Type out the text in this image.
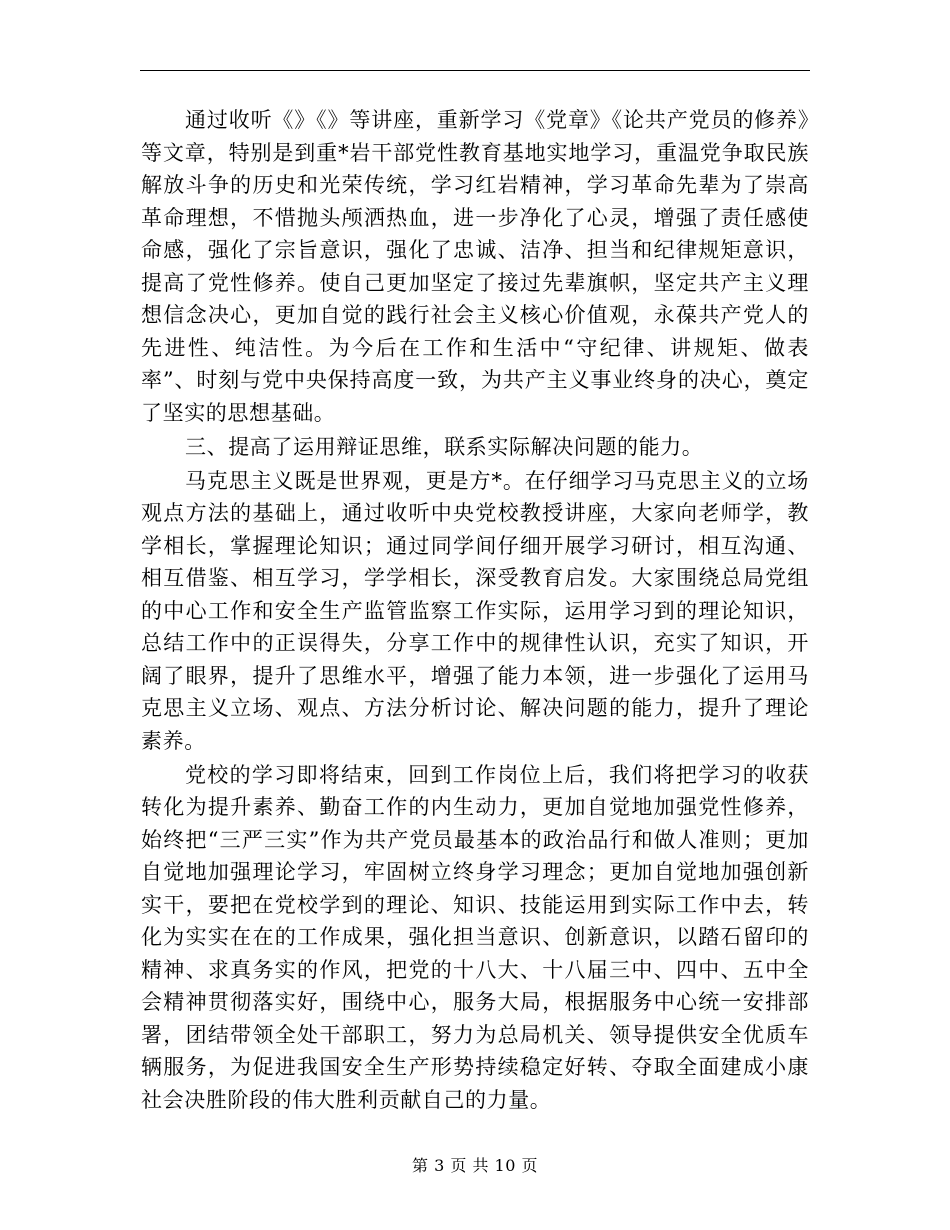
通过收听《》《》等讲座，重新学习《党章》《论共产党员的修养》等文章，特别是到重*岩干部党性教育基地实地学习，重温党争取民族解放斗争的历史和光荣传统，学习红岩精神，学习革命先辈为了崇高革命理想，不惜抛头颅洒热血，进一步净化了心灵，增强了责任感使命感，强化了宗旨意识，强化了忠诚、洁净、担当和纪律规矩意识，提高了党性修养。使自己更加坚定了接过先辈旗帜，坚定共产主义理想信念决心，更加自觉的践行社会主义核心价值观，永葆共产党人的先进性、纯洁性。为今后在工作和生活中“守纪律、讲规矩、做表率”、时刻与党中央保持高度一致，为共产主义事业终身的决心，奠定了坚实的思想基础。

三、提高了运用辩证思维，联系实际解决问题的能力。

马克思主义既是世界观，更是方*。在仔细学习马克思主义的立场观点方法的基础上，通过收听中央党校教授讲座，大家向老师学，教学相长，掌握理论知识；通过同学间仔细开展学习研讨，相互沟通、相互借鉴、相互学习，学学相长，深受教育启发。大家围绕总局党组的中心工作和安全生产监管监察工作实际，运用学习到的理论知识，总结工作中的正误得失，分享工作中的规律性认识，充实了知识，开阔了眼界，提升了思维水平，增强了能力本领，进一步强化了运用马克思主义立场、观点、方法分析讨论、解决问题的能力，提升了理论素养。

党校的学习即将结束，回到工作岗位上后，我们将把学习的收获转化为提升素养、勤奋工作的内生动力，更加自觉地加强党性修养，始终把“三严三实”作为共产党员最基本的政治品行和做人准则；更加自觉地加强理论学习，牢固树立终身学习理念；更加自觉地加强创新实干，要把在党校学到的理论、知识、技能运用到实际工作中去，转化为实实在在的工作成果，强化担当意识、创新意识，以踏石留印的精神、求真务实的作风，把党的十八大、十八届三中、四中、五中全会精神贯彻落实好，围绕中心，服务大局，根据服务中心统一安排部署，团结带领全处干部职工，努力为总局机关、领导提供安全优质车辆服务，为促进我国安全生产形势持续稳定好转、夺取全面建成小康社会决胜阶段的伟大胜利贡献自己的力量。

第 3 页 共 10 页
